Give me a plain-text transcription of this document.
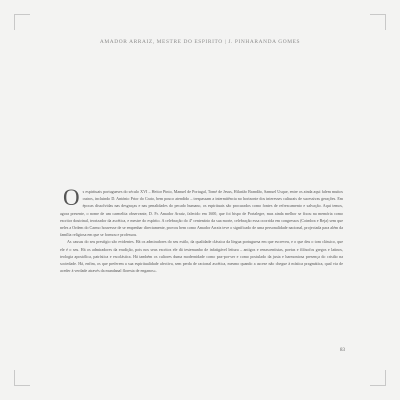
AMADOR ARRAIZ, MESTRE DO ESPIRITO | J. PINHARANDA GOMES

Os espirituais portugueses do século XVI – Heitor Pinto, Manuel de Portugal, Tomé de Jesus, Hilarião Brandão, Samuel Usque, entre os ainda aqui falem muitos outros, incluindo D. António Prior do Crato, bem pouco atendido – trespassam a intermitência no horizonte dos interesses culturais de sucessivas gerações. Em épocas dissolvidas nas desgraças e nas penalidades do pecado humano, os espirituais são procurados como fontes de refrescamento e salvação. Aqui temos, agora presente, o nome de um carmelita observante, D. Fr. Amador Arraiz, falecido em 1600, que foi bispo de Portalegre, mas ainda melhor se fixou na memória como escritor doutrinal, teorizador da ascética, e mestre do espírito. A celebração do 4º centenário da sua morte, celebração essa ocorrida em congressos (Coimbra e Beja) sem que neles a Ordem do Carmo houvesse de se empenhar directamente, provou bem como Amador Arraiz teve o significado de uma personalidade nacional, projectada para além da família religiosa em que se formou e professou.

As causas do seu prestígio são evidentes. Há os admiradores do seu estilo, da qualidade clássica da língua portuguesa em que escreveu, e o que deu o tom clássico, que ele é o seu. Há os admiradores da erudição, pois nos seus escritos ele dá testemunho de infatigável leitura – antigos e renascentistas, poetas e filósofos gregos e latinos, teologia apostólica, patrística e escolástica. Há também os cultores duma modernidade como paz-por-ser e como postulado da justa e harmoniosa presença do cristão na sociedade. Há, enfim, os que preferem a sua espiritualidade afectiva, sem perda de racional ascética, mesmo quando a ascese não chegue à mística pragmática, qual via de aceder à verdade através da mundanal floresta de enganos».

83
